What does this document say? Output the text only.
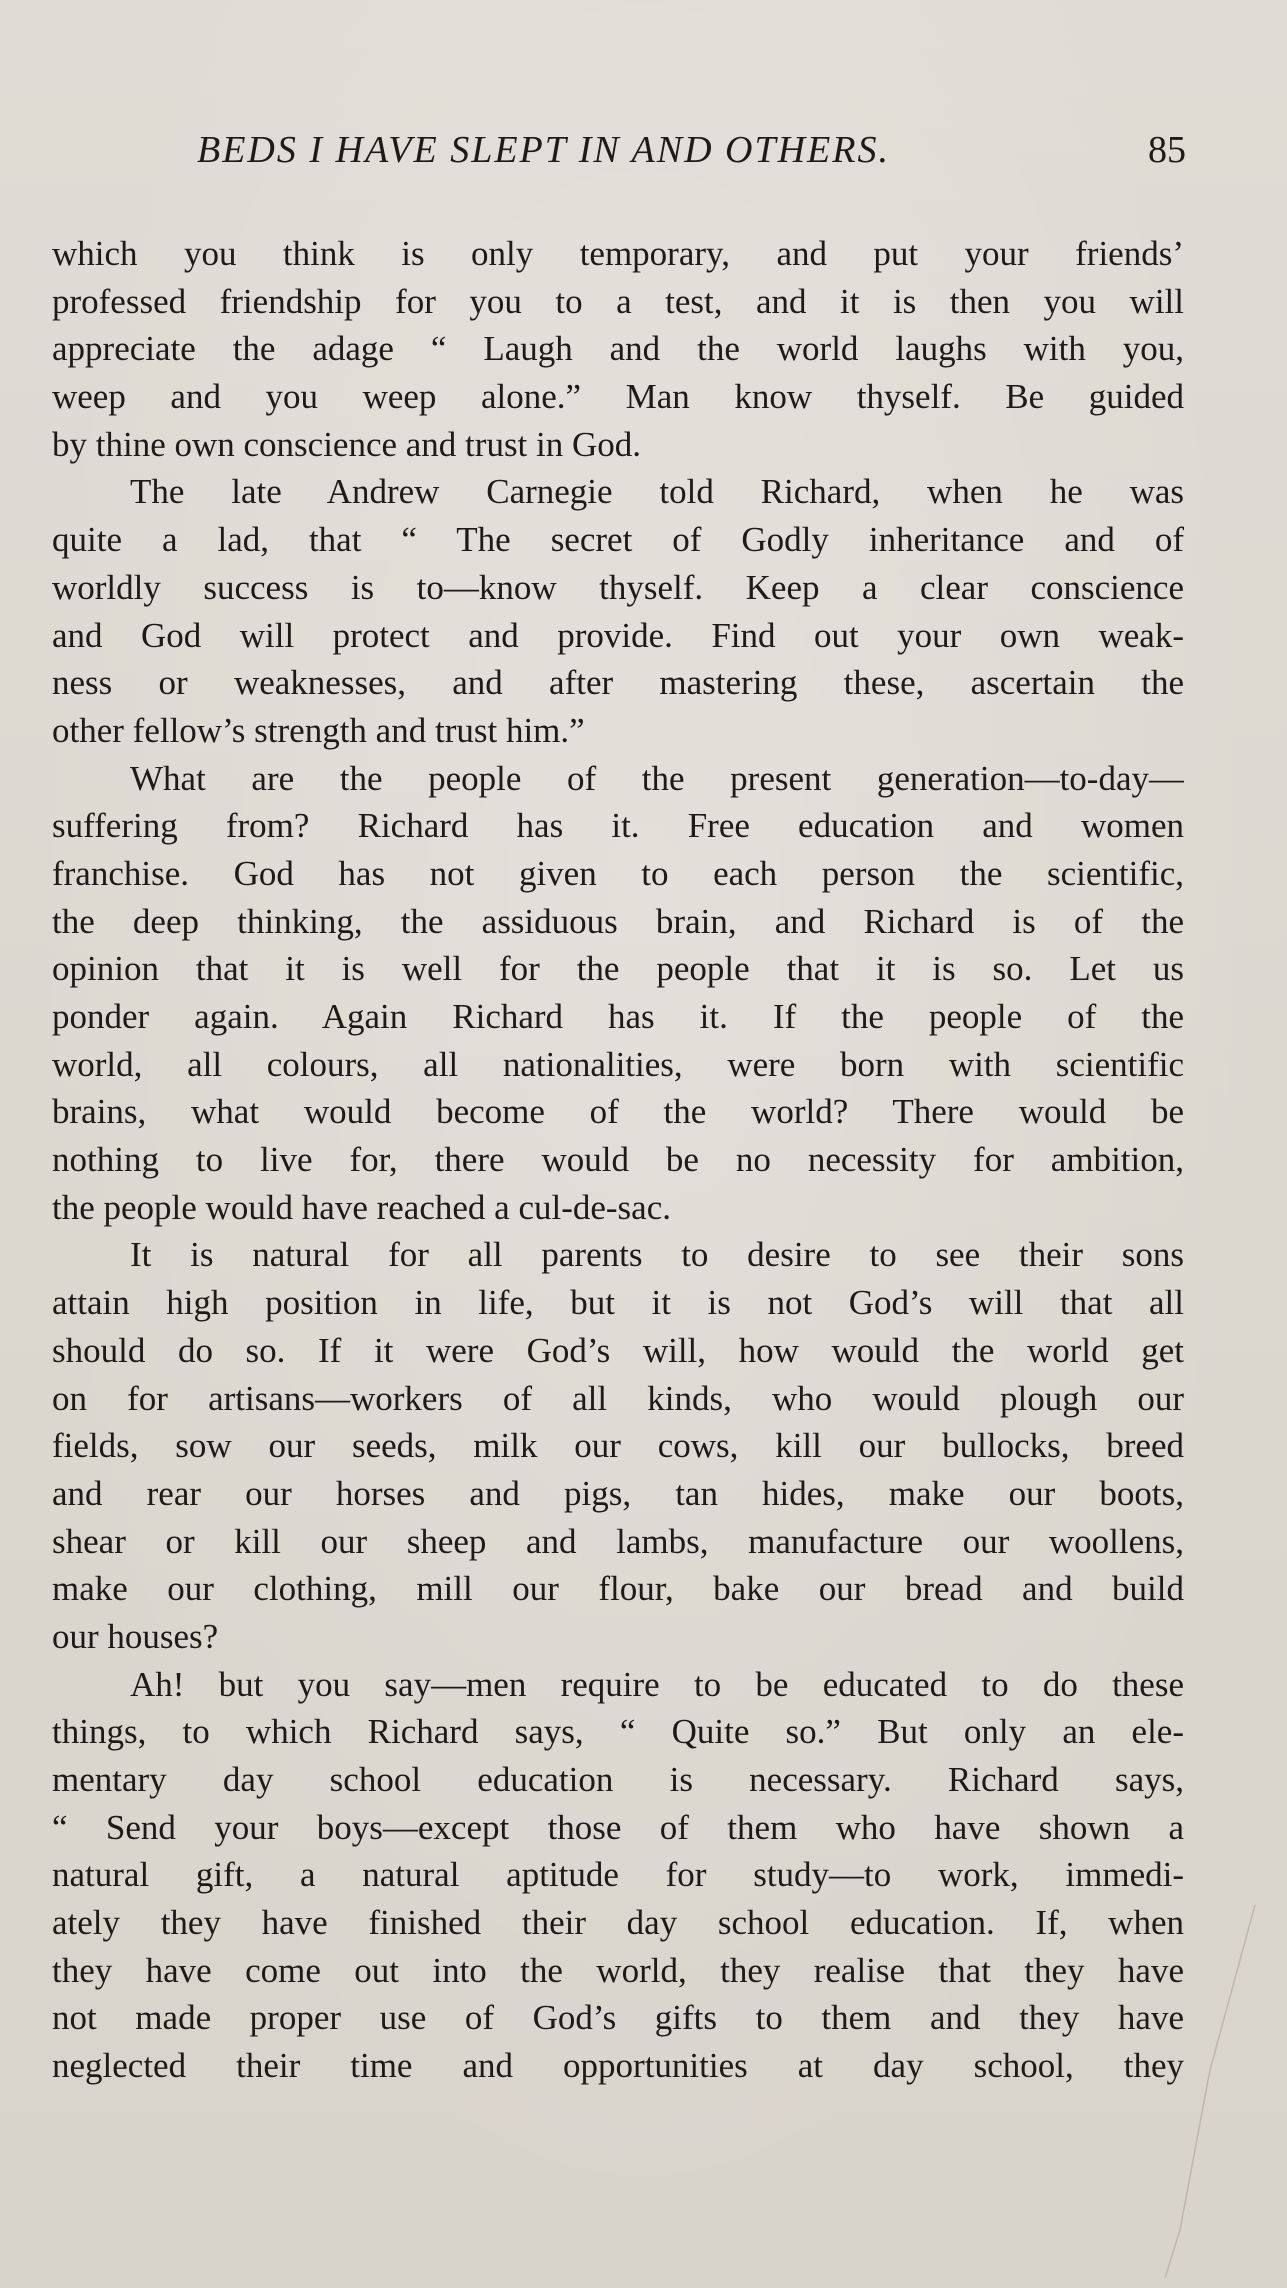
BEDS I HAVE SLEPT IN AND OTHERS.	85

which you think is only temporary, and put your friends’
professed friendship for you to a test, and it is then you will
appreciate the adage “ Laugh and the world laughs with you,
weep and you weep alone.” Man know thyself. Be guided
by thine own conscience and trust in God.

The late Andrew Carnegie told Richard, when he was
quite a lad, that “ The secret of Godly inheritance and of
worldly success is to—know thyself. Keep a clear conscience
and God will protect and provide. Find out your own weak-
ness or weaknesses, and after mastering these, ascertain the
other fellow’s strength and trust him.”

What are the people of the present generation—to-day—
suffering from? Richard has it. Free education and women
franchise. God has not given to each person the scientific,
the deep thinking, the assiduous brain, and Richard is of the
opinion that it is well for the people that it is so. Let us
ponder again. Again Richard has it. If the people of the
world, all colours, all nationalities, were born with scientific
brains, what would become of the world? There would be
nothing to live for, there would be no necessity for ambition,
the people would have reached a cul-de-sac.

It is natural for all parents to desire to see their sons
attain high position in life, but it is not God’s will that all
should do so. If it were God’s will, how would the world get
on for artisans—workers of all kinds, who would plough our
fields, sow our seeds, milk our cows, kill our bullocks, breed
and rear our horses and pigs, tan hides, make our boots,
shear or kill our sheep and lambs, manufacture our woollens,
make our clothing, mill our flour, bake our bread and build
our houses?

Ah! but you say—men require to be educated to do these
things, to which Richard says, “ Quite so.” But only an ele-
mentary day school education is necessary. Richard says,
“ Send your boys—except those of them who have shown a
natural gift, a natural aptitude for study—to work, immedi-
ately they have finished their day school education. If, when
they have come out into the world, they realise that they have
not made proper use of God’s gifts to them and they have
neglected their time and opportunities at day school, they
